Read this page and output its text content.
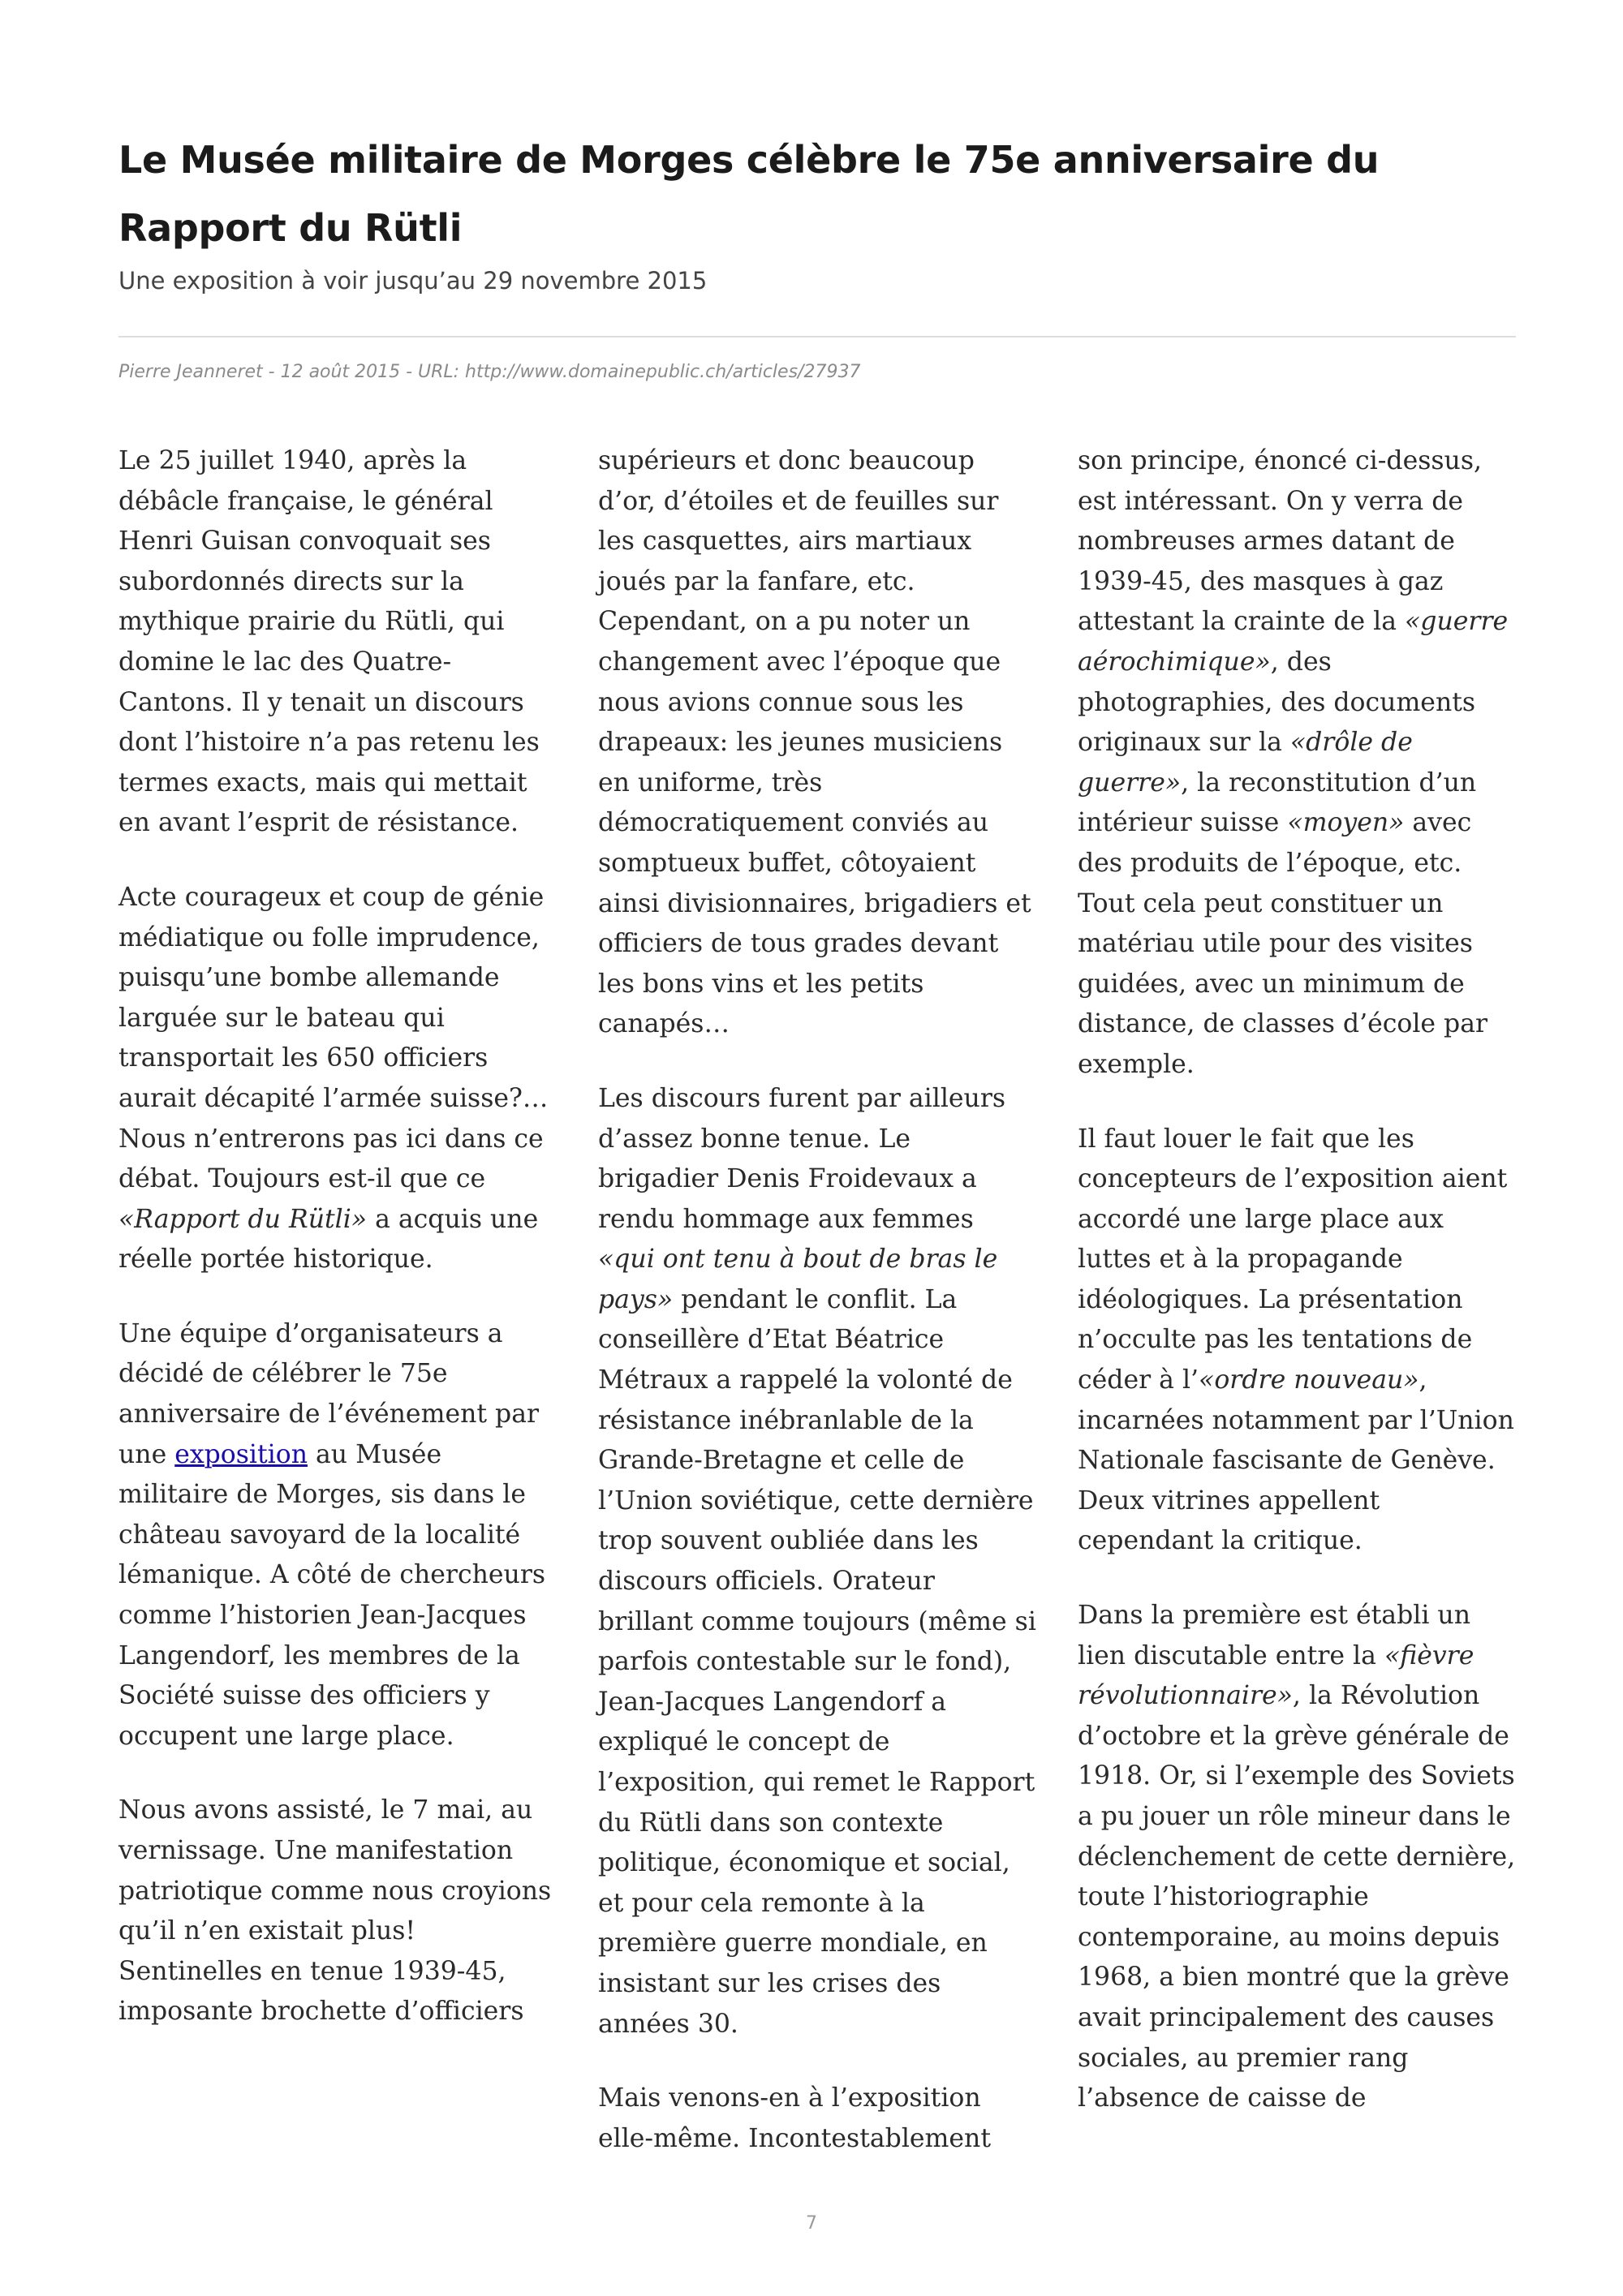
Le Musée militaire de Morges célèbre le 75e anniversaire du Rapport du Rütli

Une exposition à voir jusqu’au 29 novembre 2015

Pierre Jeanneret - 12 août 2015 - URL: http://www.domainepublic.ch/articles/27937

Le 25 juillet 1940, après la débâcle française, le général Henri Guisan convoquait ses subordonnés directs sur la mythique prairie du Rütli, qui domine le lac des Quatre-Cantons. Il y tenait un discours dont l’histoire n’a pas retenu les termes exacts, mais qui mettait en avant l’esprit de résistance.

Acte courageux et coup de génie médiatique ou folle imprudence, puisqu’une bombe allemande larguée sur le bateau qui transportait les 650 officiers aurait décapité l’armée suisse?… Nous n’entrerons pas ici dans ce débat. Toujours est-il que ce «Rapport du Rütli» a acquis une réelle portée historique.

Une équipe d’organisateurs a décidé de célébrer le 75e anniversaire de l’événement par une exposition au Musée militaire de Morges, sis dans le château savoyard de la localité lémanique. A côté de chercheurs comme l’historien Jean-Jacques Langendorf, les membres de la Société suisse des officiers y occupent une large place.

Nous avons assisté, le 7 mai, au vernissage. Une manifestation patriotique comme nous croyions qu’il n’en existait plus! Sentinelles en tenue 1939-45, imposante brochette d’officiers

supérieurs et donc beaucoup d’or, d’étoiles et de feuilles sur les casquettes, airs martiaux joués par la fanfare, etc. Cependant, on a pu noter un changement avec l’époque que nous avions connue sous les drapeaux: les jeunes musiciens en uniforme, très démocratiquement conviés au somptueux buffet, côtoyaient ainsi divisionnaires, brigadiers et officiers de tous grades devant les bons vins et les petits canapés…

Les discours furent par ailleurs d’assez bonne tenue. Le brigadier Denis Froidevaux a rendu hommage aux femmes «qui ont tenu à bout de bras le pays» pendant le conflit. La conseillère d’Etat Béatrice Métraux a rappelé la volonté de résistance inébranlable de la Grande-Bretagne et celle de l’Union soviétique, cette dernière trop souvent oubliée dans les discours officiels. Orateur brillant comme toujours (même si parfois contestable sur le fond), Jean-Jacques Langendorf a expliqué le concept de l’exposition, qui remet le Rapport du Rütli dans son contexte politique, économique et social, et pour cela remonte à la première guerre mondiale, en insistant sur les crises des années 30.

Mais venons-en à l’exposition elle-même. Incontestablement

son principe, énoncé ci-dessus, est intéressant. On y verra de nombreuses armes datant de 1939-45, des masques à gaz attestant la crainte de la «guerre aérochimique», des photographies, des documents originaux sur la «drôle de guerre», la reconstitution d’un intérieur suisse «moyen» avec des produits de l’époque, etc. Tout cela peut constituer un matériau utile pour des visites guidées, avec un minimum de distance, de classes d’école par exemple.

Il faut louer le fait que les concepteurs de l’exposition aient accordé une large place aux luttes et à la propagande idéologiques. La présentation n’occulte pas les tentations de céder à l’«ordre nouveau», incarnées notamment par l’Union Nationale fascisante de Genève. Deux vitrines appellent cependant la critique.

Dans la première est établi un lien discutable entre la «fièvre révolutionnaire», la Révolution d’octobre et la grève générale de 1918. Or, si l’exemple des Soviets a pu jouer un rôle mineur dans le déclenchement de cette dernière, toute l’historiographie contemporaine, au moins depuis 1968, a bien montré que la grève avait principalement des causes sociales, au premier rang l’absence de caisse de

7
